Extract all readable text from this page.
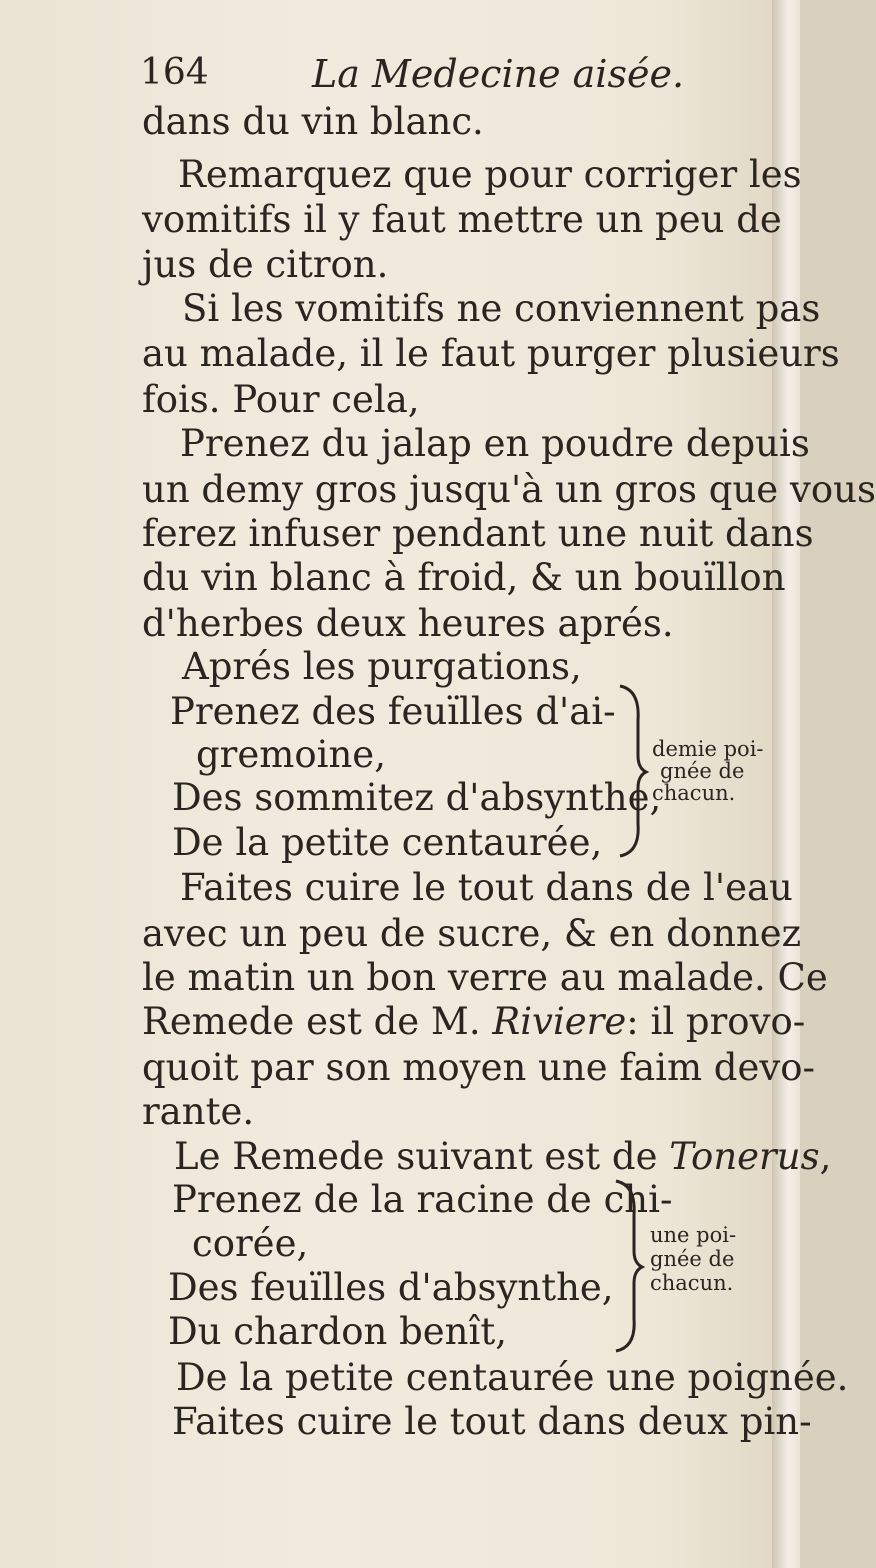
164	La Medecine aisée.
dans du vin blanc.
Remarquez que pour corriger les
vomitifs il y faut mettre un peu de
jus de citron.
Si les vomitifs ne conviennent pas
au malade, il le faut purger plusieurs
fois. Pour cela,
Prenez du jalap en poudre depuis
un demy gros jusqu'à un gros que vous
ferez infuser pendant une nuit dans
du vin blanc à froid, & un bouïllon
d'herbes deux heures aprés.
Aprés les purgations,
Prenez des feuïlles d'ai-
gremoine,
Des sommitez d'absynthe,
De la petite centaurée,
demie poi-
gnée de
chacun.
Faites cuire le tout dans de l'eau
avec un peu de sucre, & en donnez
le matin un bon verre au malade. Ce
Remede est de M. Riviere: il provo-
quoit par son moyen une faim devo-
rante.
Le Remede suivant est de Tonerus,
Prenez de la racine de chi-
corée,
Des feuïlles d'absynthe,
Du chardon benît,
une poi-
gnée de
chacun.
De la petite centaurée une poignée.
Faites cuire le tout dans deux pin-
